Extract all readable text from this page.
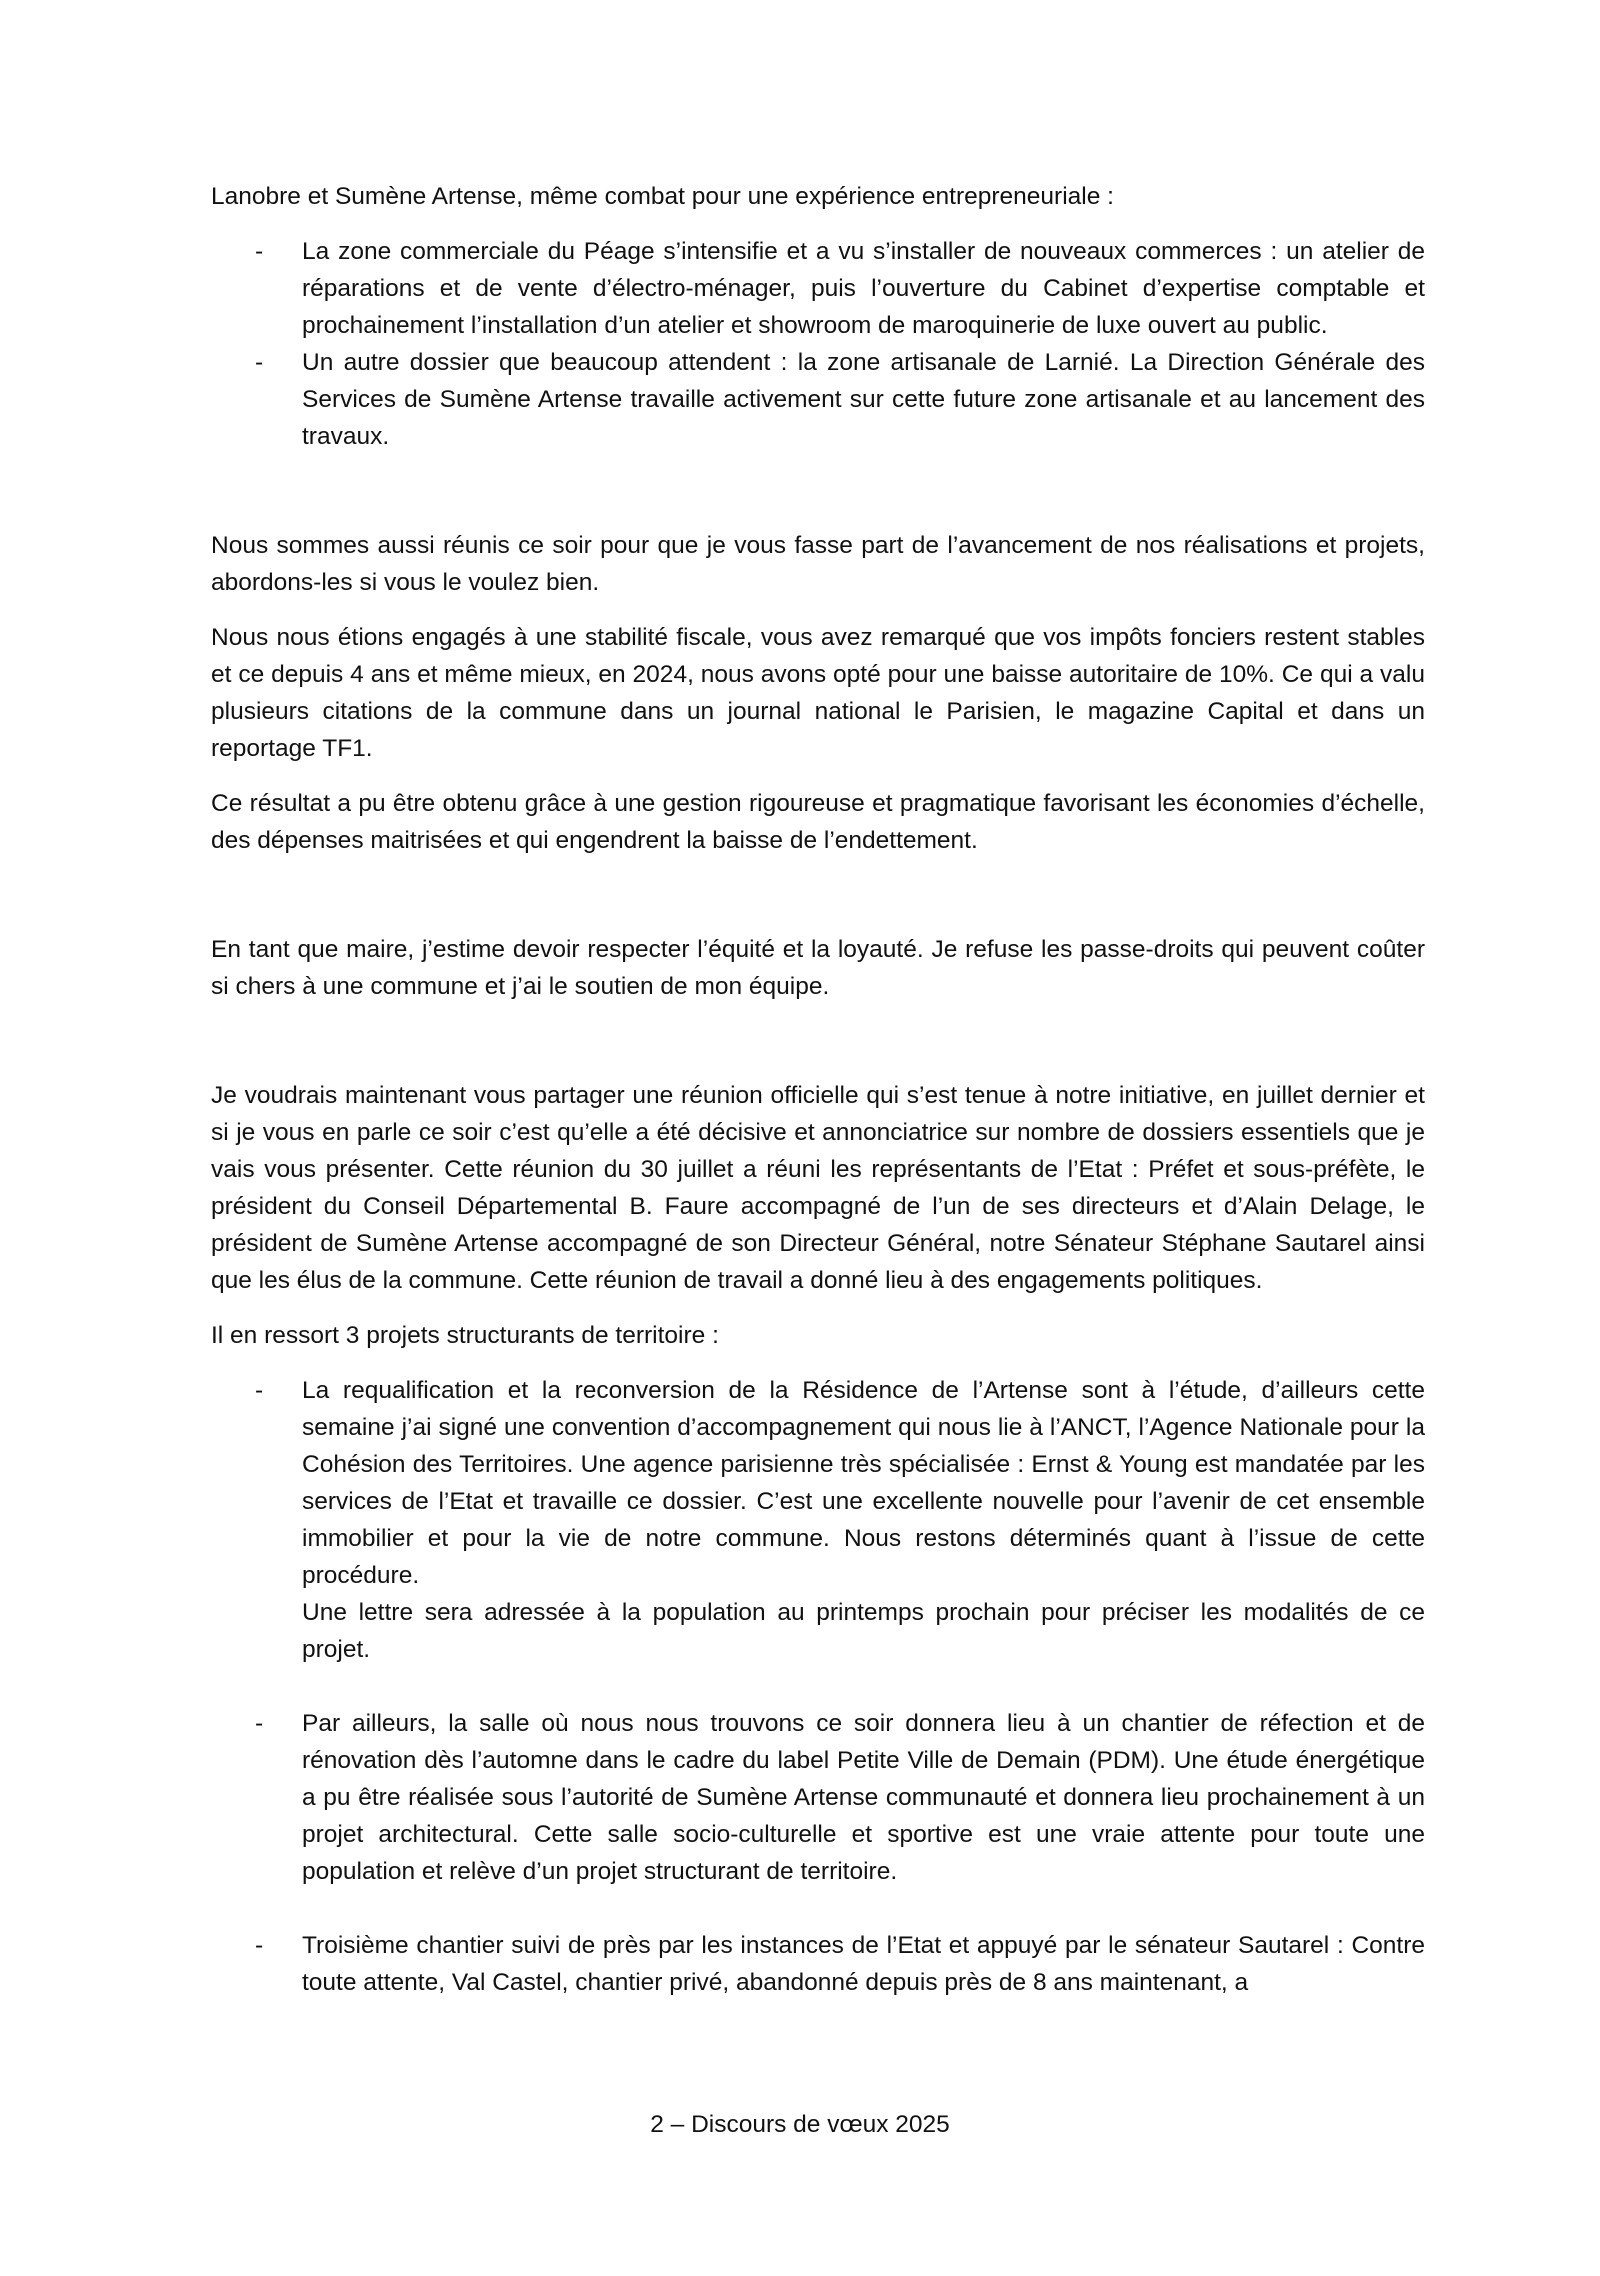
Lanobre et Sumène Artense, même combat pour une expérience entrepreneuriale :

- La zone commerciale du Péage s’intensifie et a vu s’installer de nouveaux commerces : un atelier de réparations et de vente d’électro-ménager, puis l’ouverture du Cabinet d’expertise comptable et prochainement l’installation d’un atelier et showroom de maroquinerie de luxe ouvert au public.
- Un autre dossier que beaucoup attendent : la zone artisanale de Larnié. La Direction Générale des Services de Sumène Artense travaille activement sur cette future zone artisanale et au lancement des travaux.

Nous sommes aussi réunis ce soir pour que je vous fasse part de l’avancement de nos réalisations et projets, abordons-les si vous le voulez bien.

Nous nous étions engagés à une stabilité fiscale, vous avez remarqué que vos impôts fonciers restent stables et ce depuis 4 ans et même mieux, en 2024, nous avons opté pour une baisse autoritaire de 10%. Ce qui a valu plusieurs citations de la commune dans un journal national le Parisien, le magazine Capital et dans un reportage TF1.

Ce résultat a pu être obtenu grâce à une gestion rigoureuse et pragmatique favorisant les économies d’échelle, des dépenses maitrisées et qui engendrent la baisse de l’endettement.

En tant que maire, j’estime devoir respecter l’équité et la loyauté. Je refuse les passe-droits qui peuvent coûter si chers à une commune et j’ai le soutien de mon équipe.

Je voudrais maintenant vous partager une réunion officielle qui s’est tenue à notre initiative, en juillet dernier et si je vous en parle ce soir c’est qu’elle a été décisive et annonciatrice sur nombre de dossiers essentiels que je vais vous présenter. Cette réunion du 30 juillet a réuni les représentants de l’Etat : Préfet et sous-préfète, le président du Conseil Départemental B. Faure accompagné de l’un de ses directeurs et d’Alain Delage, le président de Sumène Artense accompagné de son Directeur Général, notre Sénateur Stéphane Sautarel ainsi que les élus de la commune. Cette réunion de travail a donné lieu à des engagements politiques.

Il en ressort 3 projets structurants de territoire :

- La requalification et la reconversion de la Résidence de l’Artense sont à l’étude, d’ailleurs cette semaine j’ai signé une convention d’accompagnement qui nous lie à l’ANCT, l’Agence Nationale pour la Cohésion des Territoires. Une agence parisienne très spécialisée : Ernst & Young est mandatée par les services de l’Etat et travaille ce dossier. C’est une excellente nouvelle pour l’avenir de cet ensemble immobilier et pour la vie de notre commune. Nous restons déterminés quant à l’issue de cette procédure.
Une lettre sera adressée à la population au printemps prochain pour préciser les modalités de ce projet.
- Par ailleurs, la salle où nous nous trouvons ce soir donnera lieu à un chantier de réfection et de rénovation dès l’automne dans le cadre du label Petite Ville de Demain (PDM). Une étude énergétique a pu être réalisée sous l’autorité de Sumène Artense communauté et donnera lieu prochainement à un projet architectural. Cette salle socio-culturelle et sportive est une vraie attente pour toute une population et relève d’un projet structurant de territoire.
- Troisième chantier suivi de près par les instances de l’Etat et appuyé par le sénateur Sautarel : Contre toute attente, Val Castel, chantier privé, abandonné depuis près de 8 ans maintenant, a
2 – Discours de vœux 2025
